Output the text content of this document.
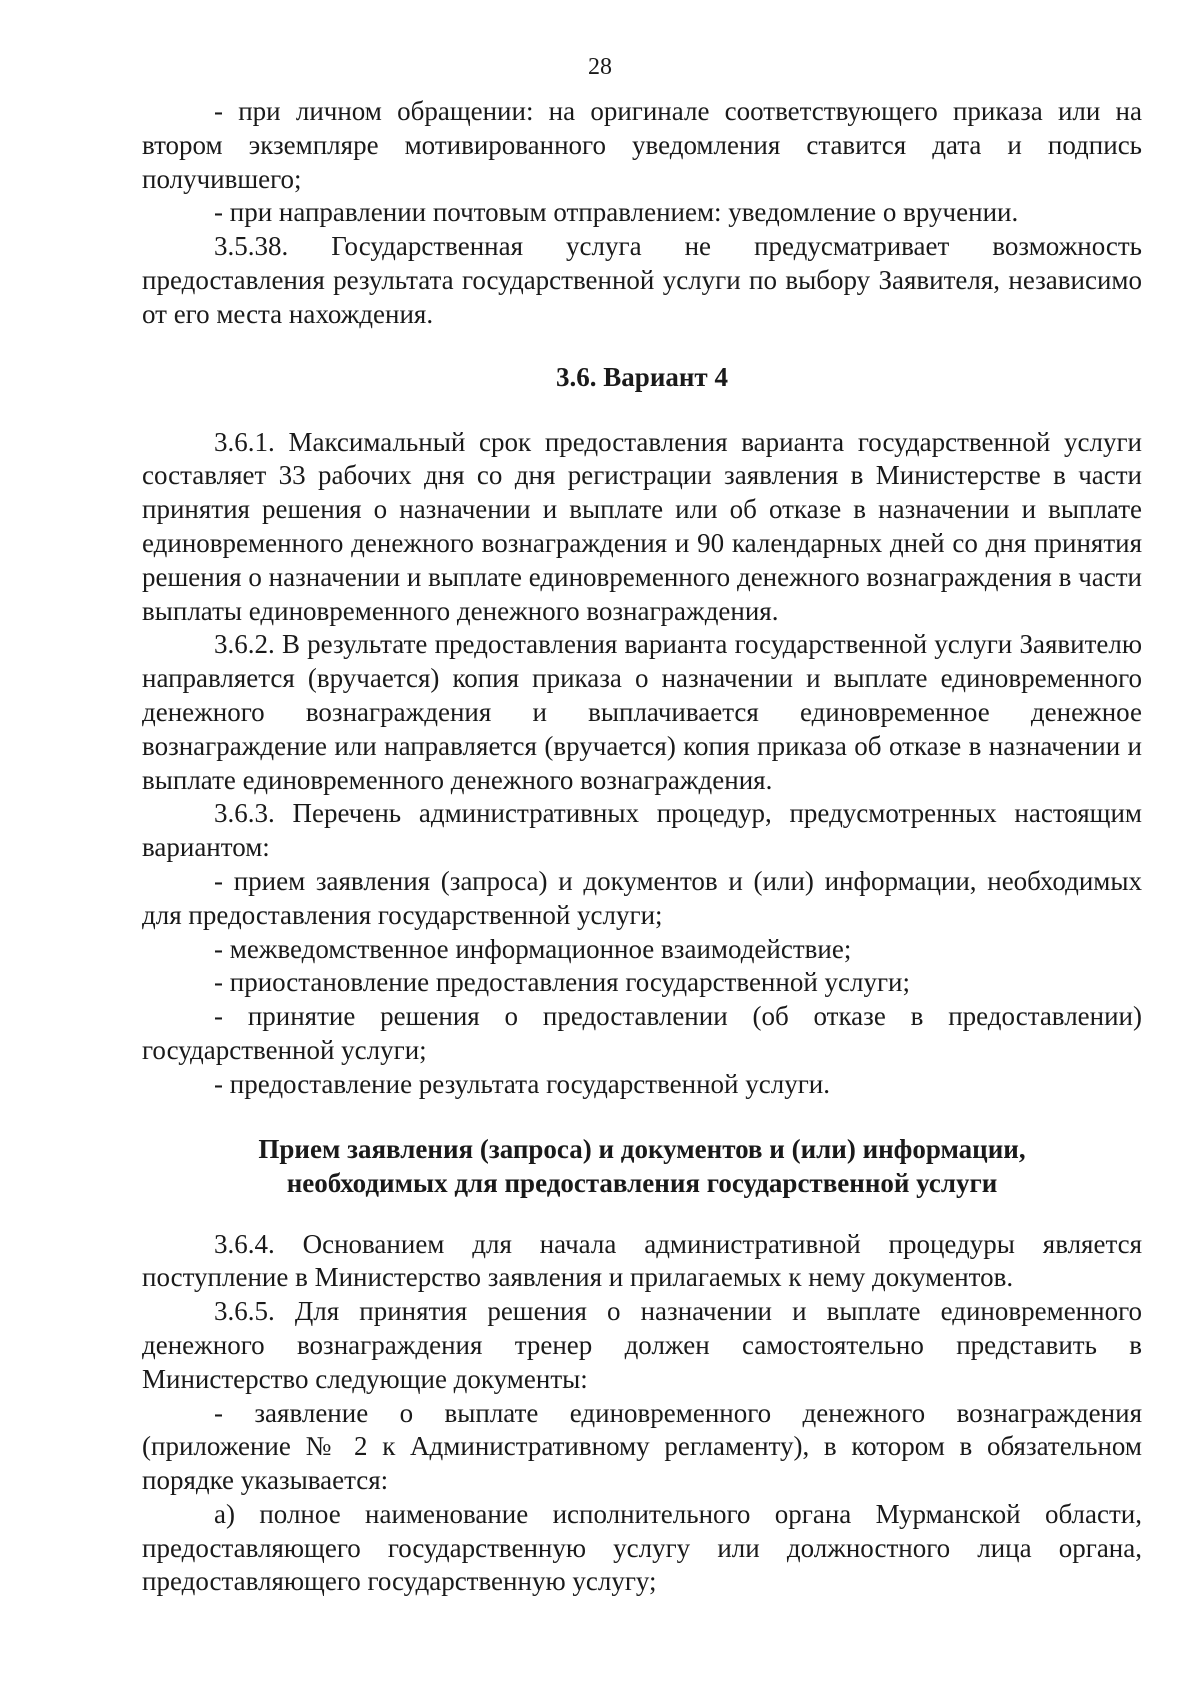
28

- при личном обращении: на оригинале соответствующего приказа или на втором экземпляре мотивированного уведомления ставится дата и подпись получившего;

- при направлении почтовым отправлением: уведомление о вручении.

3.5.38. Государственная услуга не предусматривает возможность предоставления результата государственной услуги по выбору Заявителя, независимо от его места нахождения.

3.6. Вариант 4

3.6.1. Максимальный срок предоставления варианта государственной услуги составляет 33 рабочих дня со дня регистрации заявления в Министерстве в части принятия решения о назначении и выплате или об отказе в назначении и выплате единовременного денежного вознаграждения и 90 календарных дней со дня принятия решения о назначении и выплате единовременного денежного вознаграждения в части выплаты единовременного денежного вознаграждения.

3.6.2. В результате предоставления варианта государственной услуги Заявителю направляется (вручается) копия приказа о назначении и выплате единовременного денежного вознаграждения и выплачивается единовременное денежное вознаграждение или направляется (вручается) копия приказа об отказе в назначении и выплате единовременного денежного вознаграждения.

3.6.3. Перечень административных процедур, предусмотренных настоящим вариантом:

- прием заявления (запроса) и документов и (или) информации, необходимых для предоставления государственной услуги;

- межведомственное информационное взаимодействие;

- приостановление предоставления государственной услуги;

- принятие решения о предоставлении (об отказе в предоставлении) государственной услуги;

- предоставление результата государственной услуги.

Прием заявления (запроса) и документов и (или) информации,
необходимых для предоставления государственной услуги

3.6.4. Основанием для начала административной процедуры является поступление в Министерство заявления и прилагаемых к нему документов.

3.6.5. Для принятия решения о назначении и выплате единовременного денежного вознаграждения тренер должен самостоятельно представить в Министерство следующие документы:

- заявление о выплате единовременного денежного вознаграждения (приложение № 2 к Административному регламенту), в котором в обязательном порядке указывается:

а) полное наименование исполнительного органа Мурманской области, предоставляющего государственную услугу или должностного лица органа, предоставляющего государственную услугу;
